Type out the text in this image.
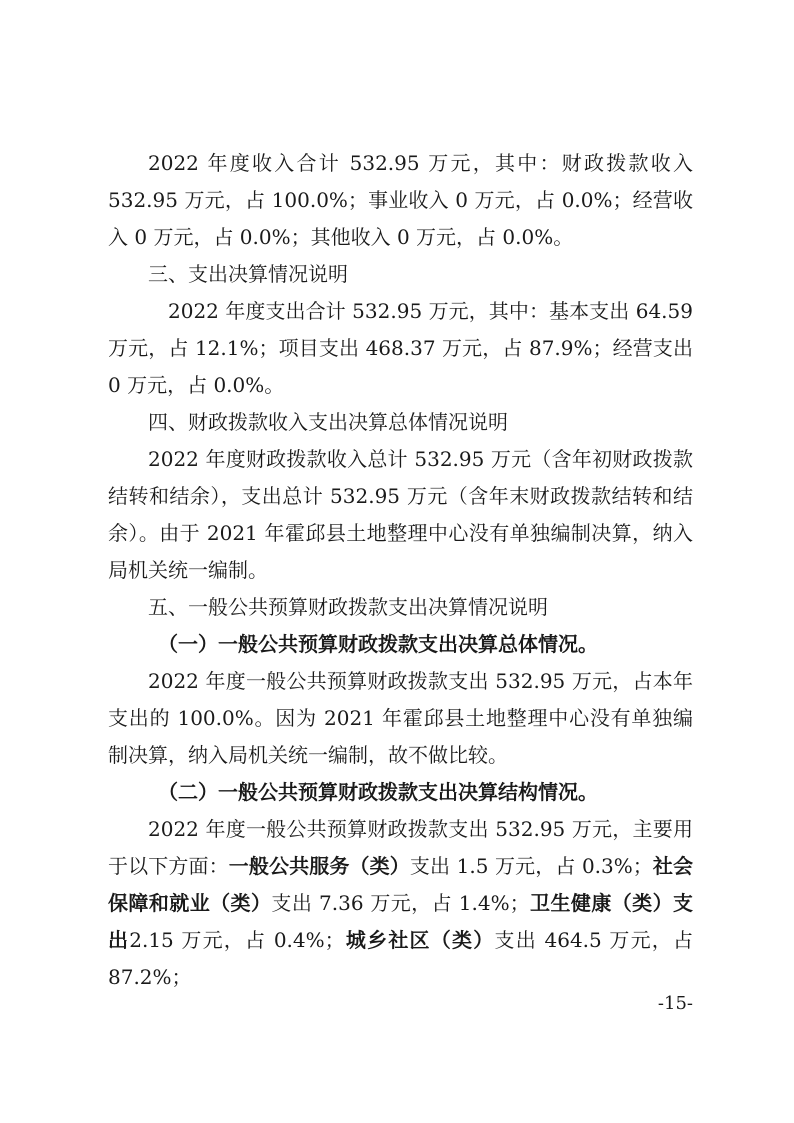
2022 年度收入合计 532.95 万元，其中：财政拨款收入 532.95 万元，占 100.0%；事业收入 0 万元，占 0.0%；经营收入 0 万元，占 0.0%；其他收入 0 万元，占 0.0%。

三、支出决算情况说明

2022 年度支出合计 532.95 万元，其中：基本支出 64.59 万元，占 12.1%；项目支出 468.37 万元，占 87.9%；经营支出 0 万元，占 0.0%。

四、财政拨款收入支出决算总体情况说明

2022 年度财政拨款收入总计 532.95 万元（含年初财政拨款结转和结余），支出总计 532.95 万元（含年末财政拨款结转和结余）。由于 2021 年霍邱县土地整理中心没有单独编制决算，纳入局机关统一编制。

五、一般公共预算财政拨款支出决算情况说明

（一）一般公共预算财政拨款支出决算总体情况。

2022 年度一般公共预算财政拨款支出 532.95 万元，占本年支出的 100.0%。因为 2021 年霍邱县土地整理中心没有单独编制决算，纳入局机关统一编制，故不做比较。

（二）一般公共预算财政拨款支出决算结构情况。

2022 年度一般公共预算财政拨款支出 532.95 万元，主要用于以下方面：一般公共服务（类）支出 1.5 万元，占 0.3%；社会保障和就业（类）支出 7.36 万元，占 1.4%；卫生健康（类）支出2.15 万元，占 0.4%；城乡社区（类）支出 464.5 万元，占 87.2%；

-15-
